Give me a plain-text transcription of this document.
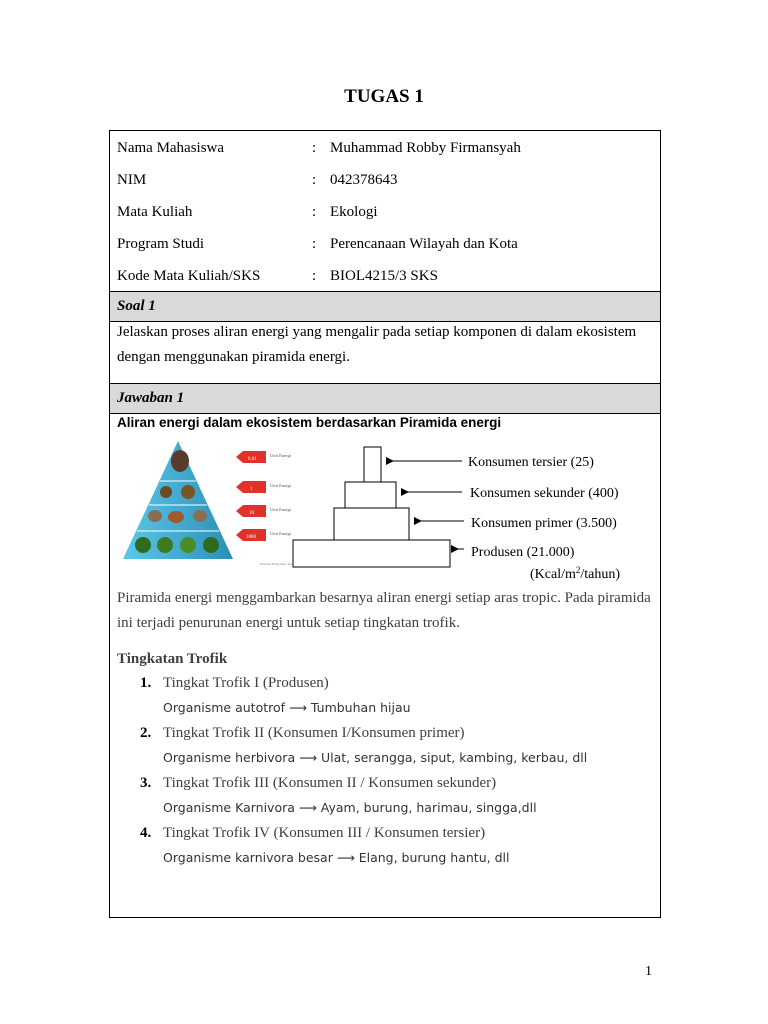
TUGAS 1
Nama Mahasiswa	: Muhammad Robby Firmansyah
NIM	: 042378643
Mata Kuliah	: Ekologi
Program Studi	: Perencanaan Wilayah dan Kota
Kode Mata Kuliah/SKS	: BIOL4215/3 SKS
Soal 1
Jelaskan proses aliran energi yang mengalir pada setiap komponen di dalam ekosistem dengan menggunakan piramida energi.
Jawaban 1
Aliran energi dalam ekosistem berdasarkan Piramida energi
0,01
Unit Energi
1
Unit Energi
10
Unit Energi
1000
Unit Energi
Pearson Education, Inc
Konsumen tersier (25)
Konsumen sekunder (400)
Konsumen primer (3.500)
Produsen (21.000)
$(Kcal/m^2/tahun)$
Piramida energi menggambarkan besarnya aliran energi setiap aras tropic. Pada piramida ini terjadi penurunan energi untuk setiap tingkatan trofik.
Tingkatan Trofik
1. Tingkat Trofik I (Produsen)
Organisme autotrof ⟶ Tumbuhan hijau
2. Tingkat Trofik II (Konsumen I/Konsumen primer)
Organisme herbivora ⟶ Ulat, serangga, siput, kambing, kerbau, dll
3. Tingkat Trofik III (Konsumen II / Konsumen sekunder)
Organisme Karnivora ⟶ Ayam, burung, harimau, singga,dll
4. Tingkat Trofik IV (Konsumen III / Konsumen tersier)
Organisme karnivora besar ⟶ Elang, burung hantu, dll
1
